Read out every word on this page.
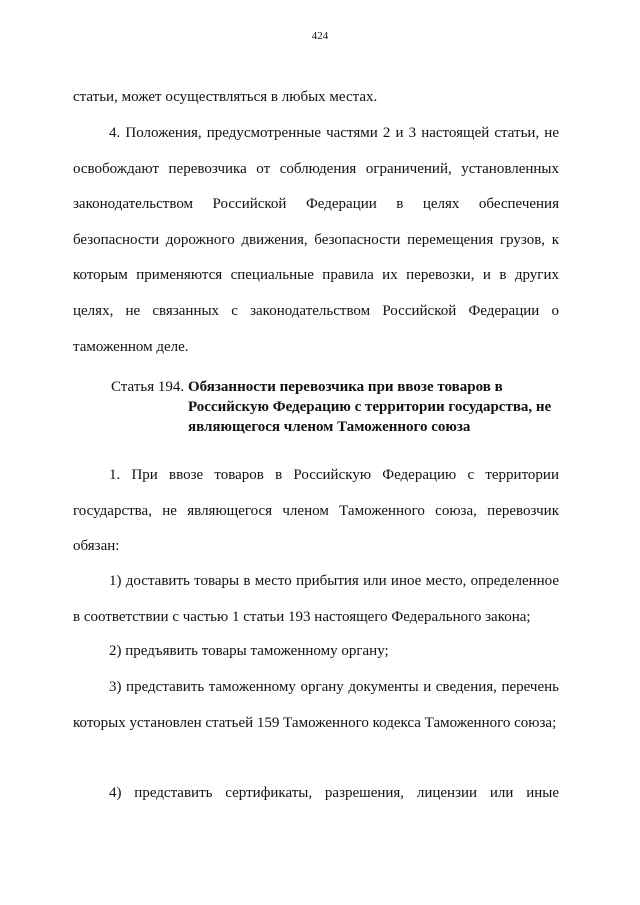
424

статьи, может осуществляться в любых местах.

4. Положения, предусмотренные частями 2 и 3 настоящей статьи, не освобождают перевозчика от соблюдения ограничений, установленных законодательством Российской Федерации в целях обеспечения безопасности дорожного движения, безопасности перемещения грузов, к которым применяются специальные правила их перевозки, и в других целях, не связанных с законодательством Российской Федерации о таможенном деле.

Статья 194. Обязанности перевозчика при ввозе товаров в
Российскую Федерацию с территории государства, не
являющегося членом Таможенного союза

1. При ввозе товаров в Российскую Федерацию с территории государства, не являющегося членом Таможенного союза, перевозчик обязан:

1) доставить товары в место прибытия или иное место, определенное в соответствии с частью 1 статьи 193 настоящего Федерального закона;

2) предъявить товары таможенному органу;

3) представить таможенному органу документы и сведения, перечень которых установлен статьей 159 Таможенного кодекса Таможенного союза;

4) представить сертификаты, разрешения, лицензии или иные
